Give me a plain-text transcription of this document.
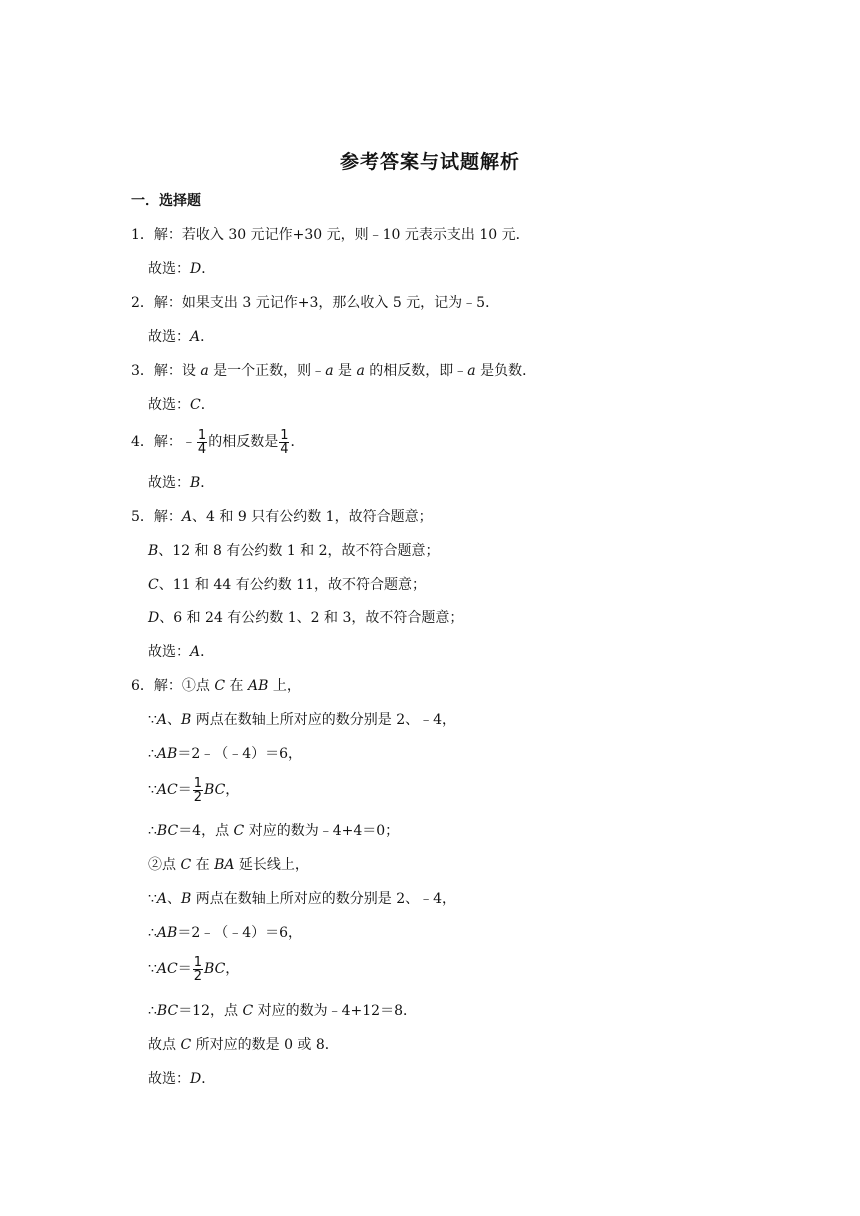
参考答案与试题解析
一．选择题
1．解：若收入 30 元记作+30 元，则﹣10 元表示支出 10 元．
故选：D．
2．解：如果支出 3 元记作+3，那么收入 5 元，记为﹣5．
故选：A．
3．解：设 a 是一个正数，则﹣a 是 a 的相反数，即﹣a 是负数．
故选：C．
4．解：﹣ $\frac{1}{4}$ 的相反数是 $\frac{1}{4}$ ．
故选：B．
5．解：A、4 和 9 只有公约数 1，故符合题意；
B、12 和 8 有公约数 1 和 2，故不符合题意；
C、11 和 44 有公约数 11，故不符合题意；
D、6 和 24 有公约数 1、2 和 3，故不符合题意；
故选：A．
6．解：①点 C 在 AB 上，
∵A、B 两点在数轴上所对应的数分别是 2、﹣4，
∴AB＝2﹣（﹣4）＝6，
∵AC＝ $\frac{1}{2}$ BC，
∴BC＝4，点 C 对应的数为﹣4+4＝0；
②点 C 在 BA 延长线上，
∵A、B 两点在数轴上所对应的数分别是 2、﹣4，
∴AB＝2﹣（﹣4）＝6，
∵AC＝ $\frac{1}{2}$ BC，
∴BC＝12，点 C 对应的数为﹣4+12＝8．
故点 C 所对应的数是 0 或 8．
故选：D．
